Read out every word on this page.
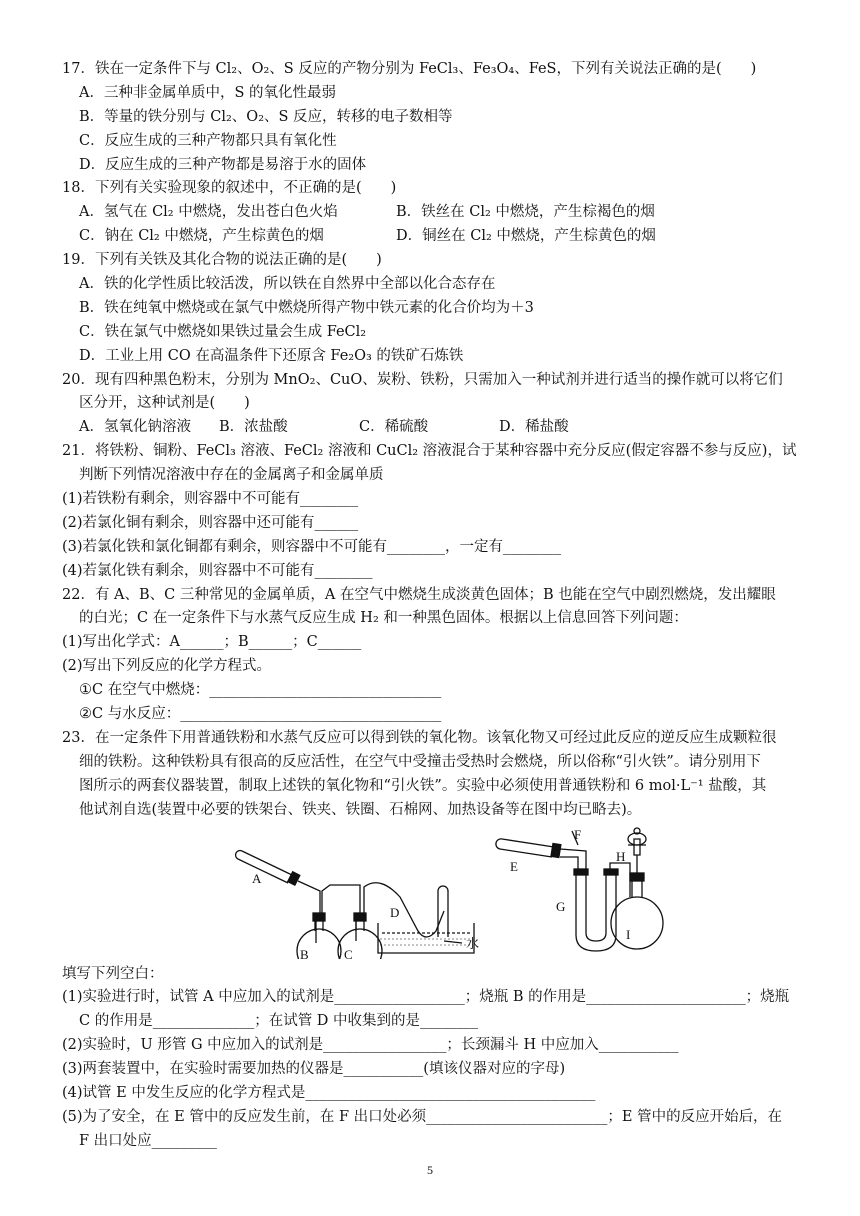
17．铁在一定条件下与 Cl₂、O₂、S 反应的产物分别为 FeCl₃、Fe₃O₄、FeS，下列有关说法正确的是(　　)
A．三种非金属单质中，S 的氧化性最弱
B．等量的铁分别与 Cl₂、O₂、S 反应，转移的电子数相等
C．反应生成的三种产物都只具有氧化性
D．反应生成的三种产物都是易溶于水的固体
18．下列有关实验现象的叙述中，不正确的是(　　)
A．氢气在 Cl₂ 中燃烧，发出苍白色火焰	B．铁丝在 Cl₂ 中燃烧，产生棕褐色的烟
C．钠在 Cl₂ 中燃烧，产生棕黄色的烟	D．铜丝在 Cl₂ 中燃烧，产生棕黄色的烟
19．下列有关铁及其化合物的说法正确的是(　　)
A．铁的化学性质比较活泼，所以铁在自然界中全部以化合态存在
B．铁在纯氧中燃烧或在氯气中燃烧所得产物中铁元素的化合价均为＋3
C．铁在氯气中燃烧如果铁过量会生成 FeCl₂
D．工业上用 CO 在高温条件下还原含 Fe₂O₃ 的铁矿石炼铁
20．现有四种黑色粉末，分别为 MnO₂、CuO、炭粉、铁粉，只需加入一种试剂并进行适当的操作就可以将它们
区分开，这种试剂是(　　)
A．氢氧化钠溶液	B．浓盐酸	C．稀硫酸	D．稀盐酸
21．将铁粉、铜粉、FeCl₃ 溶液、FeCl₂ 溶液和 CuCl₂ 溶液混合于某种容器中充分反应(假定容器不参与反应)，试
判断下列情况溶液中存在的金属离子和金属单质
(1)若铁粉有剩余，则容器中不可能有________
(2)若氯化铜有剩余，则容器中还可能有______
(3)若氯化铁和氯化铜都有剩余，则容器中不可能有________，一定有________
(4)若氯化铁有剩余，则容器中不可能有________
22．有 A、B、C 三种常见的金属单质，A 在空气中燃烧生成淡黄色固体；B 也能在空气中剧烈燃烧，发出耀眼
的白光；C 在一定条件下与水蒸气反应生成 H₂ 和一种黑色固体。根据以上信息回答下列问题：
(1)写出化学式：A______；B______；C______
(2)写出下列反应的化学方程式。
①C 在空气中燃烧：________________________________
②C 与水反应：____________________________________
23．在一定条件下用普通铁粉和水蒸气反应可以得到铁的氧化物。该氧化物又可经过此反应的逆反应生成颗粒很
细的铁粉。这种铁粉具有很高的反应活性，在空气中受撞击受热时会燃烧，所以俗称“引火铁”。请分别用下
图所示的两套仪器装置，制取上述铁的氧化物和“引火铁”。实验中必须使用普通铁粉和 6 mol·L⁻¹ 盐酸，其
他试剂自选(装置中必要的铁架台、铁夹、铁圈、石棉网、加热设备等在图中均已略去)。
A
B	C
D
水
E
F
G
I
H
填写下列空白：
(1)实验进行时，试管 A 中应加入的试剂是__________________；烧瓶 B 的作用是______________________；烧瓶
C 的作用是______________；在试管 D 中收集到的是________
(2)实验时，U 形管 G 中应加入的试剂是_________________；长颈漏斗 H 中应加入___________
(3)两套装置中，在实验时需要加热的仪器是___________(填该仪器对应的字母)
(4)试管 E 中发生反应的化学方程式是________________________________________
(5)为了安全，在 E 管中的反应发生前，在 F 出口处必须_________________________；E 管中的反应开始后，在
F 出口处应_________
5
